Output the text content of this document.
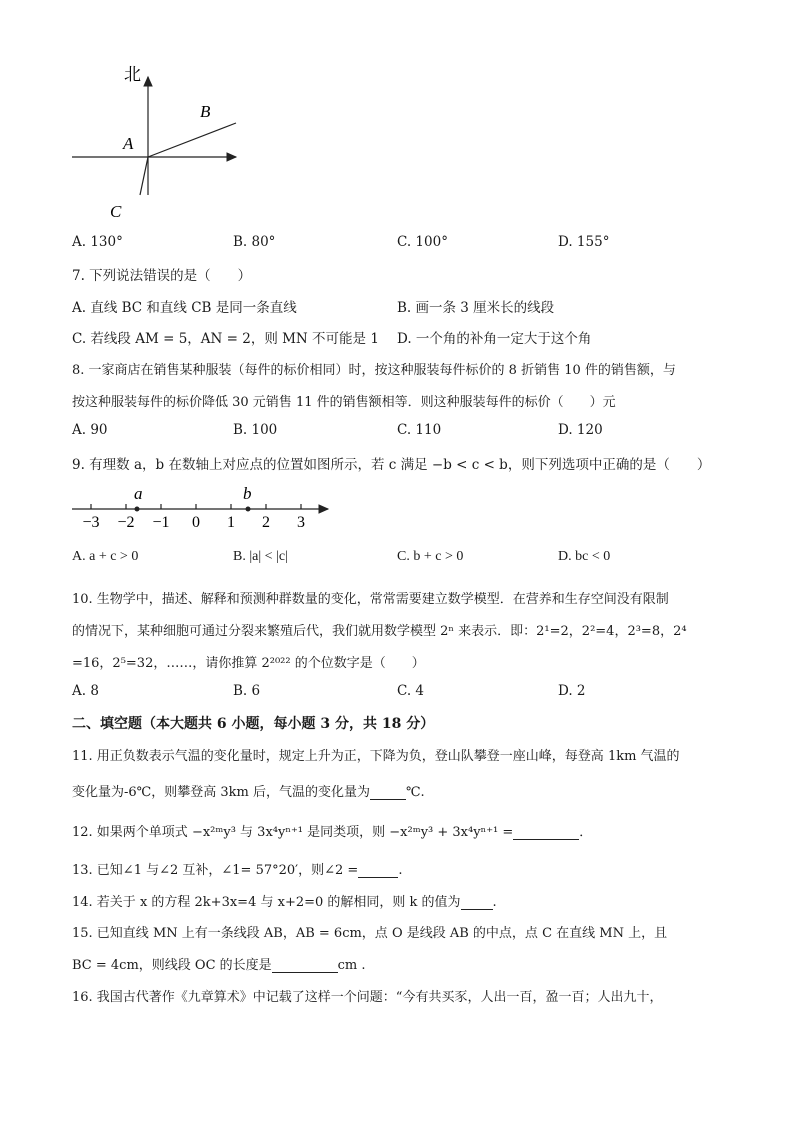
北
B
A
C
A. 130°	B. 80°	C. 100°	D. 155°
7. 下列说法错误的是（　　）
A. 直线 BC 和直线 CB 是同一条直线	B. 画一条 3 厘米长的线段
C. 若线段 AM = 5，AN = 2，则 MN 不可能是 1 D. 一个角的补角一定大于这个角
8. 一家商店在销售某种服装（每件的标价相同）时，按这种服装每件标价的 8 折销售 10 件的销售额，与
按这种服装每件的标价降低 30 元销售 11 件的销售额相等．则这种服装每件的标价（　　）元
A. 90	B. 100	C. 110	D. 120
9. 有理数 a，b 在数轴上对应点的位置如图所示，若 c 满足 −b < c < b，则下列选项中正确的是（　　）
−3 −2 −1 0 1 2 3
a	b
A. a + c > 0	B. |a| < |c|	C. b + c > 0	D. bc < 0
10. 生物学中，描述、解释和预测种群数量的变化，常常需要建立数学模型．在营养和生存空间没有限制
的情况下，某种细胞可通过分裂来繁殖后代，我们就用数学模型 2ⁿ 来表示．即：2¹=2，2²=4，2³=8，2⁴
=16，2⁵=32，……，请你推算 2²⁰²² 的个位数字是（　　）
A. 8	B. 6	C. 4	D. 2
二、填空题（本大题共 6 小题，每小题 3 分，共 18 分）
11. 用正负数表示气温的变化量时，规定上升为正，下降为负，登山队攀登一座山峰，每登高 1km 气温的
变化量为-6℃，则攀登高 3km 后，气温的变化量为	℃.
12. 如果两个单项式 −x²ᵐy³ 与 3x⁴yⁿ⁺¹ 是同类项，则 −x²ᵐy³ + 3x⁴yⁿ⁺¹ =	．
13. 已知∠1 与∠2 互补，∠1= 57°20′，则∠2 =	.
14. 若关于 x 的方程 2k+3x=4 与 x+2=0 的解相同，则 k 的值为 .
15. 已知直线 MN 上有一条线段 AB，AB = 6cm，点 O 是线段 AB 的中点，点 C 在直线 MN 上，且
BC = 4cm，则线段 OC 的长度是	cm .
16. 我国古代著作《九章算术》中记载了这样一个问题：“今有共买豕，人出一百，盈一百；人出九十，
